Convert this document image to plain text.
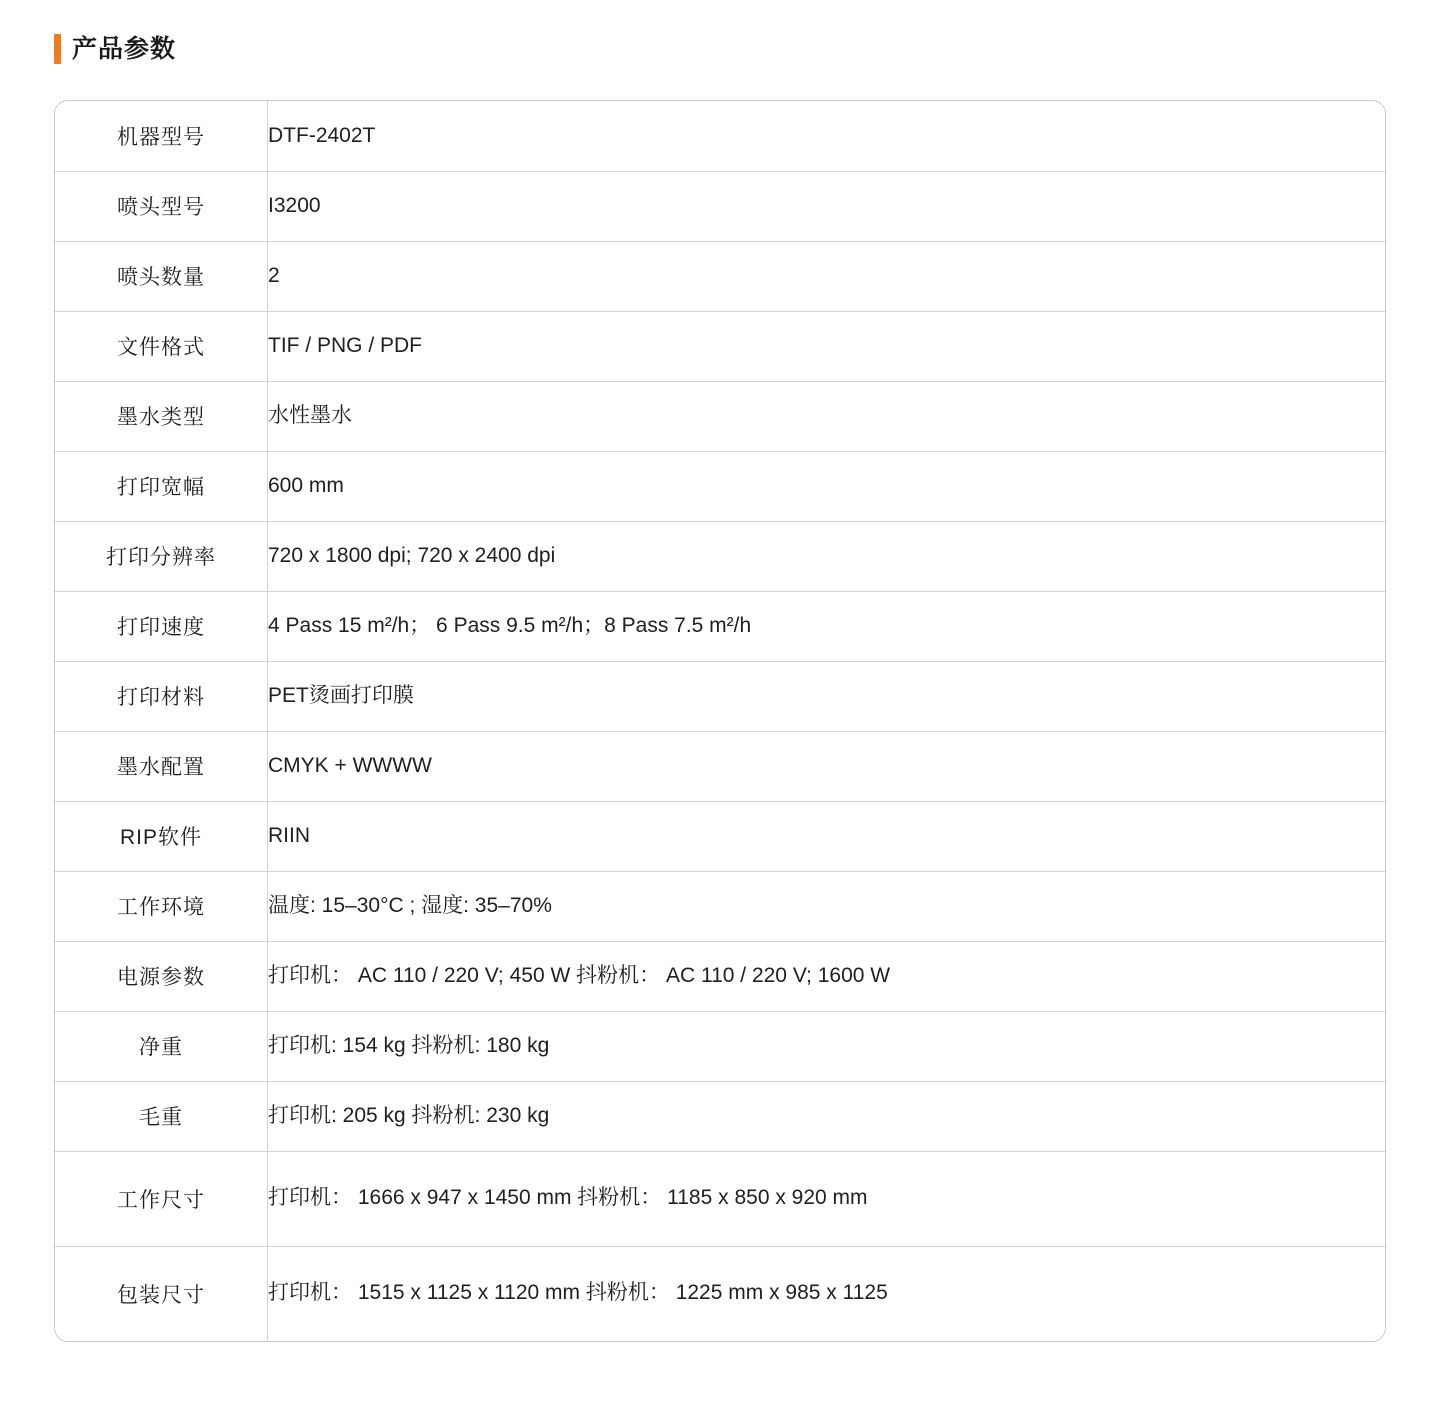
产品参数
机器型号	DTF-2402T
喷头型号	I3200
喷头数量	2
文件格式	TIF / PNG / PDF
墨水类型	水性墨水
打印宽幅	600 mm
打印分辨率	720 x 1800 dpi; 720 x 2400 dpi
打印速度	4 Pass 15 m²/h； 6 Pass 9.5 m²/h；8 Pass 7.5 m²/h
打印材料	PET烫画打印膜
墨水配置	CMYK + WWWW
RIP软件	RIIN
工作环境	温度: 15–30°C ; 湿度: 35–70%
电源参数	打印机： AC 110 / 220 V; 450 W 抖粉机： AC 110 / 220 V; 1600 W
净重	打印机: 154 kg 抖粉机: 180 kg
毛重	打印机: 205 kg 抖粉机: 230 kg
工作尺寸	打印机： 1666 x 947 x 1450 mm 抖粉机： 1185 x 850 x 920 mm
包装尺寸	打印机： 1515 x 1125 x 1120 mm 抖粉机： 1225 mm x 985 x 1125
